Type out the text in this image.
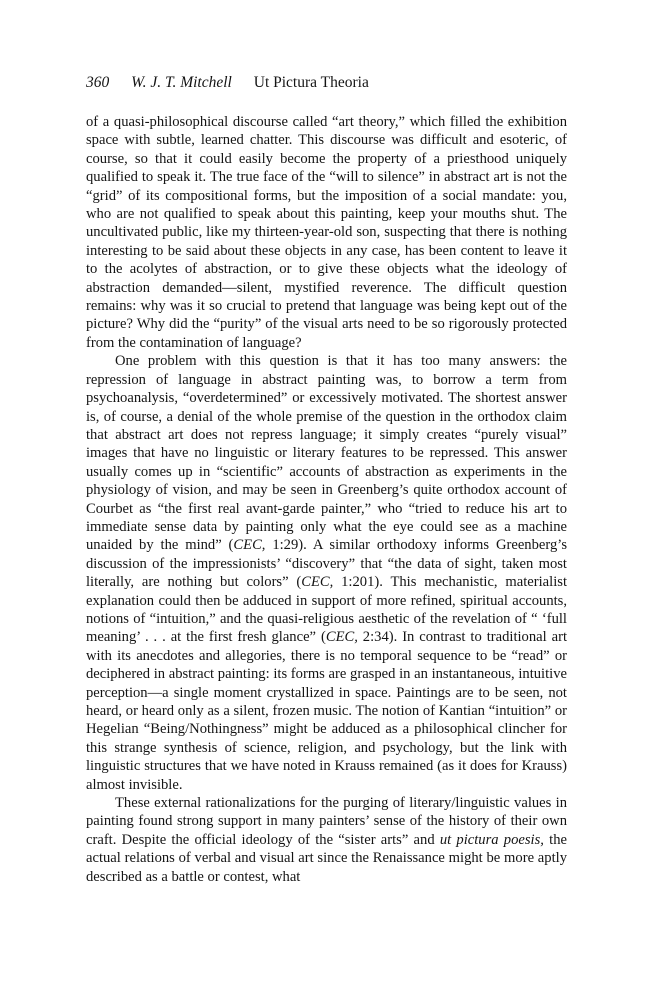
360 W. J. T. Mitchell Ut Pictura Theoria

of a quasi-philosophical discourse called “art theory,” which filled the exhibition space with subtle, learned chatter. This discourse was difficult and esoteric, of course, so that it could easily become the property of a priesthood uniquely qualified to speak it. The true face of the “will to silence” in abstract art is not the “grid” of its compositional forms, but the imposition of a social mandate: you, who are not qualified to speak about this painting, keep your mouths shut. The uncultivated public, like my thirteen-year-old son, suspecting that there is nothing interesting to be said about these objects in any case, has been content to leave it to the acolytes of abstraction, or to give these objects what the ideology of abstraction demanded—silent, mystified reverence. The difficult question remains: why was it so crucial to pretend that language was being kept out of the picture? Why did the “purity” of the visual arts need to be so rigorously protected from the contamination of language?

One problem with this question is that it has too many answers: the repression of language in abstract painting was, to borrow a term from psychoanalysis, “overdetermined” or excessively motivated. The shortest answer is, of course, a denial of the whole premise of the question in the orthodox claim that abstract art does not repress language; it simply creates “purely visual” images that have no linguistic or literary features to be repressed. This answer usually comes up in “scientific” accounts of abstraction as experiments in the physiology of vision, and may be seen in Greenberg’s quite orthodox account of Courbet as “the first real avant-garde painter,” who “tried to reduce his art to immediate sense data by painting only what the eye could see as a machine unaided by the mind” (CEC, 1:29). A similar orthodoxy informs Greenberg’s discussion of the impressionists’ “discovery” that “the data of sight, taken most literally, are nothing but colors” (CEC, 1:201). This mechanistic, materialist explanation could then be adduced in support of more refined, spiritual accounts, notions of “intuition,” and the quasi-religious aesthetic of the revelation of “ ‘full meaning’ . . . at the first fresh glance” (CEC, 2:34). In contrast to traditional art with its anecdotes and allegories, there is no temporal sequence to be “read” or deciphered in abstract painting: its forms are grasped in an instantaneous, intuitive perception—a single moment crystallized in space. Paintings are to be seen, not heard, or heard only as a silent, frozen music. The notion of Kantian “intuition” or Hegelian “Being/Nothingness” might be adduced as a philosophical clincher for this strange synthesis of science, religion, and psychology, but the link with linguistic structures that we have noted in Krauss remained (as it does for Krauss) almost invisible.

These external rationalizations for the purging of literary/linguistic values in painting found strong support in many painters’ sense of the history of their own craft. Despite the official ideology of the “sister arts” and ut pictura poesis, the actual relations of verbal and visual art since the Renaissance might be more aptly described as a battle or contest, what
